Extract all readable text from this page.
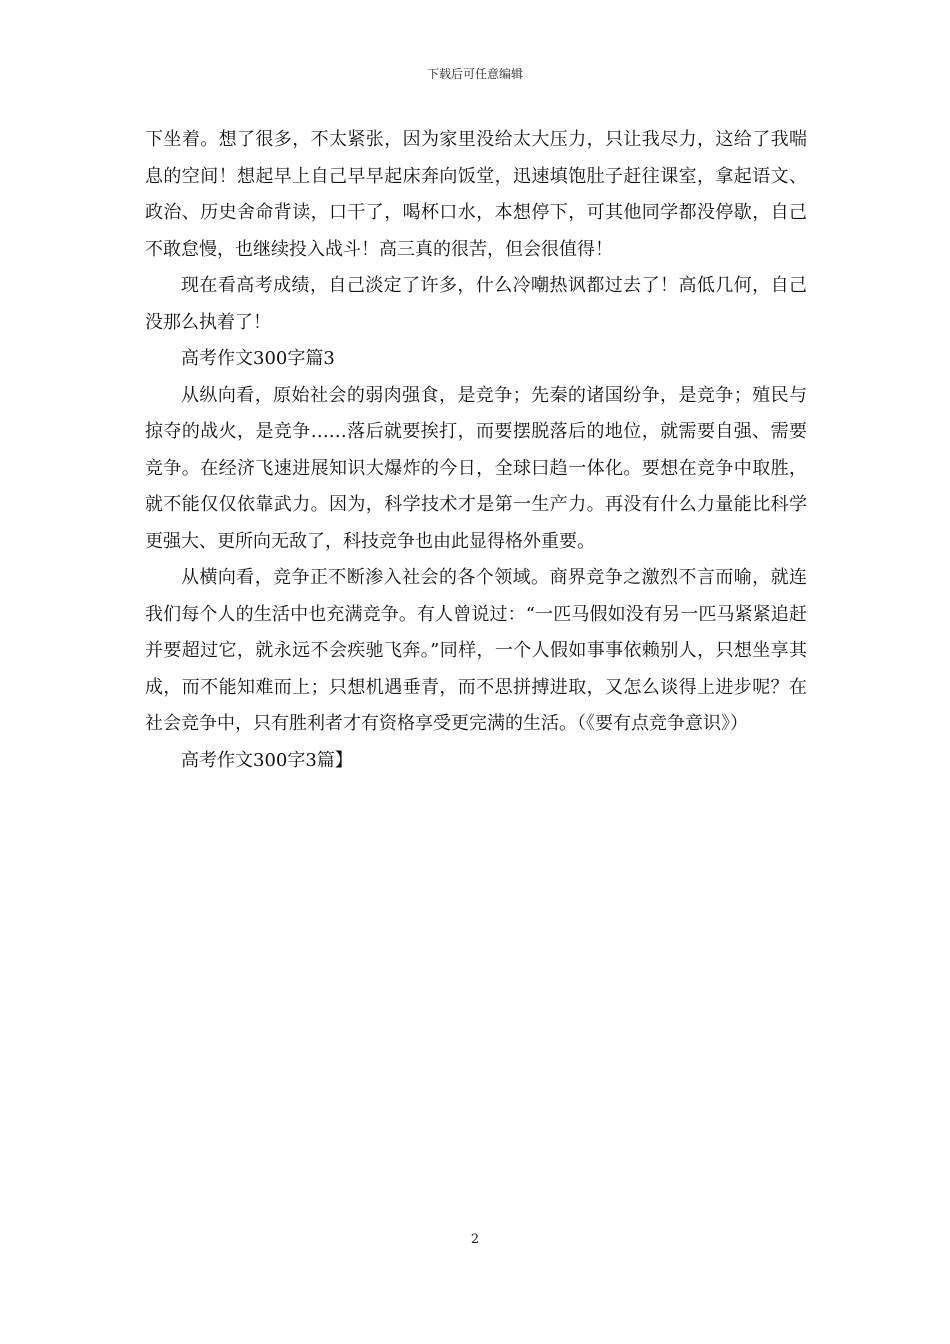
下载后可任意编辑

下坐着。想了很多，不太紧张，因为家里没给太大压力，只让我尽力，这给了我喘息的空间！想起早上自己早早起床奔向饭堂，迅速填饱肚子赶往课室，拿起语文、政治、历史舍命背读，口干了，喝杯口水，本想停下，可其他同学都没停歇，自己不敢怠慢，也继续投入战斗！高三真的很苦，但会很值得！

现在看高考成绩，自己淡定了许多，什么冷嘲热讽都过去了！高低几何，自己没那么执着了！

高考作文300字篇3

从纵向看，原始社会的弱肉强食，是竞争；先秦的诸国纷争，是竞争；殖民与掠夺的战火，是竞争……落后就要挨打，而要摆脱落后的地位，就需要自强、需要竞争。在经济飞速进展知识大爆炸的今日，全球曰趋一体化。要想在竞争中取胜，就不能仅仅依靠武力。因为，科学技术才是第一生产力。再没有什么力量能比科学更强大、更所向无敌了，科技竞争也由此显得格外重要。

从横向看，竞争正不断渗入社会的各个领域。商界竞争之激烈不言而喻，就连我们每个人的生活中也充满竞争。有人曾说过：“一匹马假如没有另一匹马紧紧追赶并要超过它，就永远不会疾驰飞奔。”同样，一个人假如事事依赖别人，只想坐享其成，而不能知难而上；只想机遇垂青，而不思拼搏进取，又怎么谈得上进步呢？在社会竞争中，只有胜利者才有资格享受更完满的生活。（《要有点竞争意识》）

高考作文300字3篇】

2
